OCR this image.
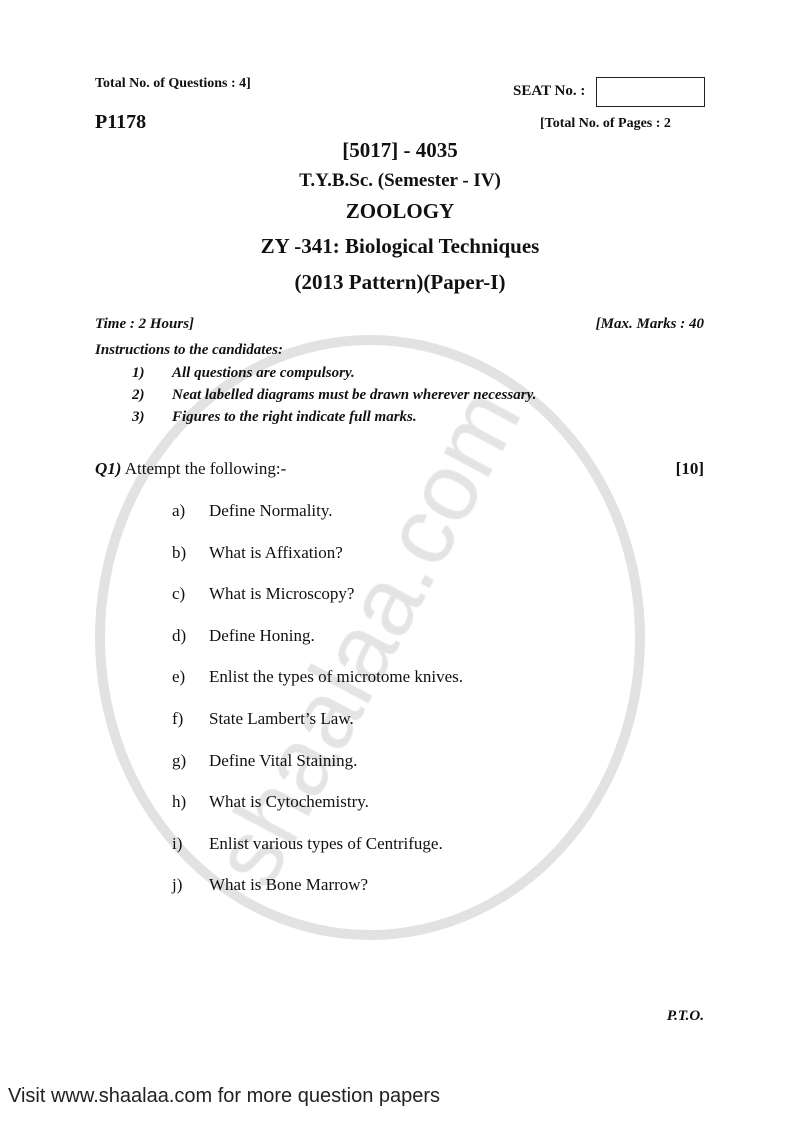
Total No. of Questions : 4]	SEAT No. :
P1178	[Total No. of Pages : 2
[5017] - 4035
T.Y.B.Sc. (Semester - IV)
ZOOLOGY
ZY -341: Biological Techniques
(2013 Pattern)(Paper-I)
Time : 2 Hours]	[Max. Marks : 40
Instructions to the candidates:
1) All questions are compulsory.
2) Neat labelled diagrams must be drawn wherever necessary.
3) Figures to the right indicate full marks.
Q1) Attempt the following:-	[10]
a) Define Normality.
b) What is Affixation?
c) What is Microscopy?
d) Define Honing.
e) Enlist the types of microtome knives.
f) State Lambert’s Law.
g) Define Vital Staining.
h) What is Cytochemistry.
i) Enlist various types of Centrifuge.
j) What is Bone Marrow?
P.T.O.
Visit www.shaalaa.com for more question papers
